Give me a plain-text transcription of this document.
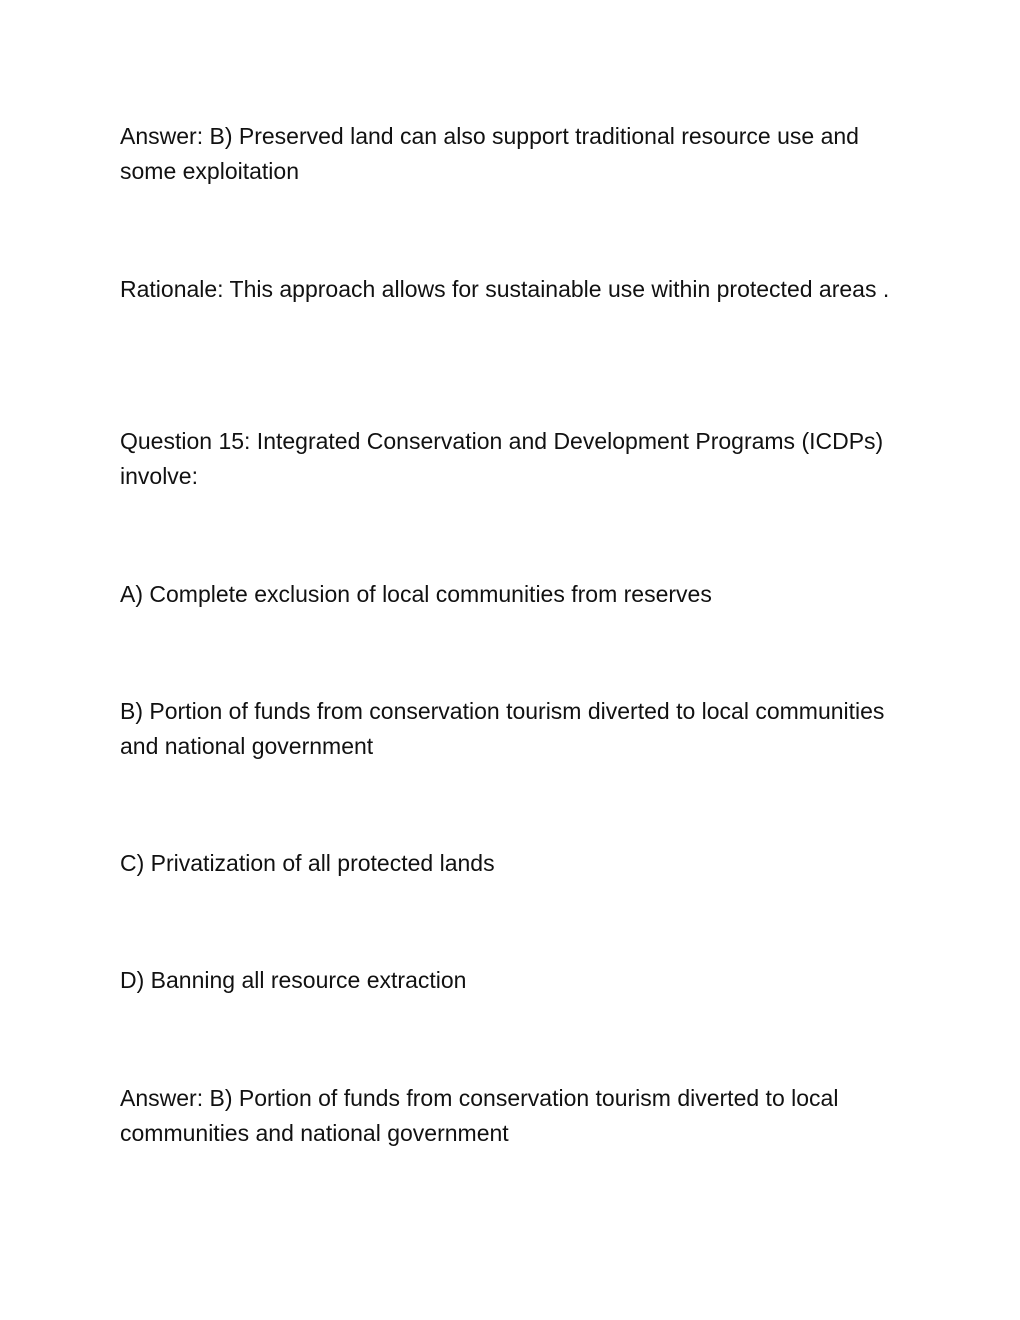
Answer: B) Preserved land can also support traditional resource use and some exploitation

Rationale: This approach allows for sustainable use within protected areas .

Question 15: Integrated Conservation and Development Programs (ICDPs) involve:

A) Complete exclusion of local communities from reserves

B) Portion of funds from conservation tourism diverted to local communities and national government

C) Privatization of all protected lands

D) Banning all resource extraction

Answer: B) Portion of funds from conservation tourism diverted to local communities and national government
